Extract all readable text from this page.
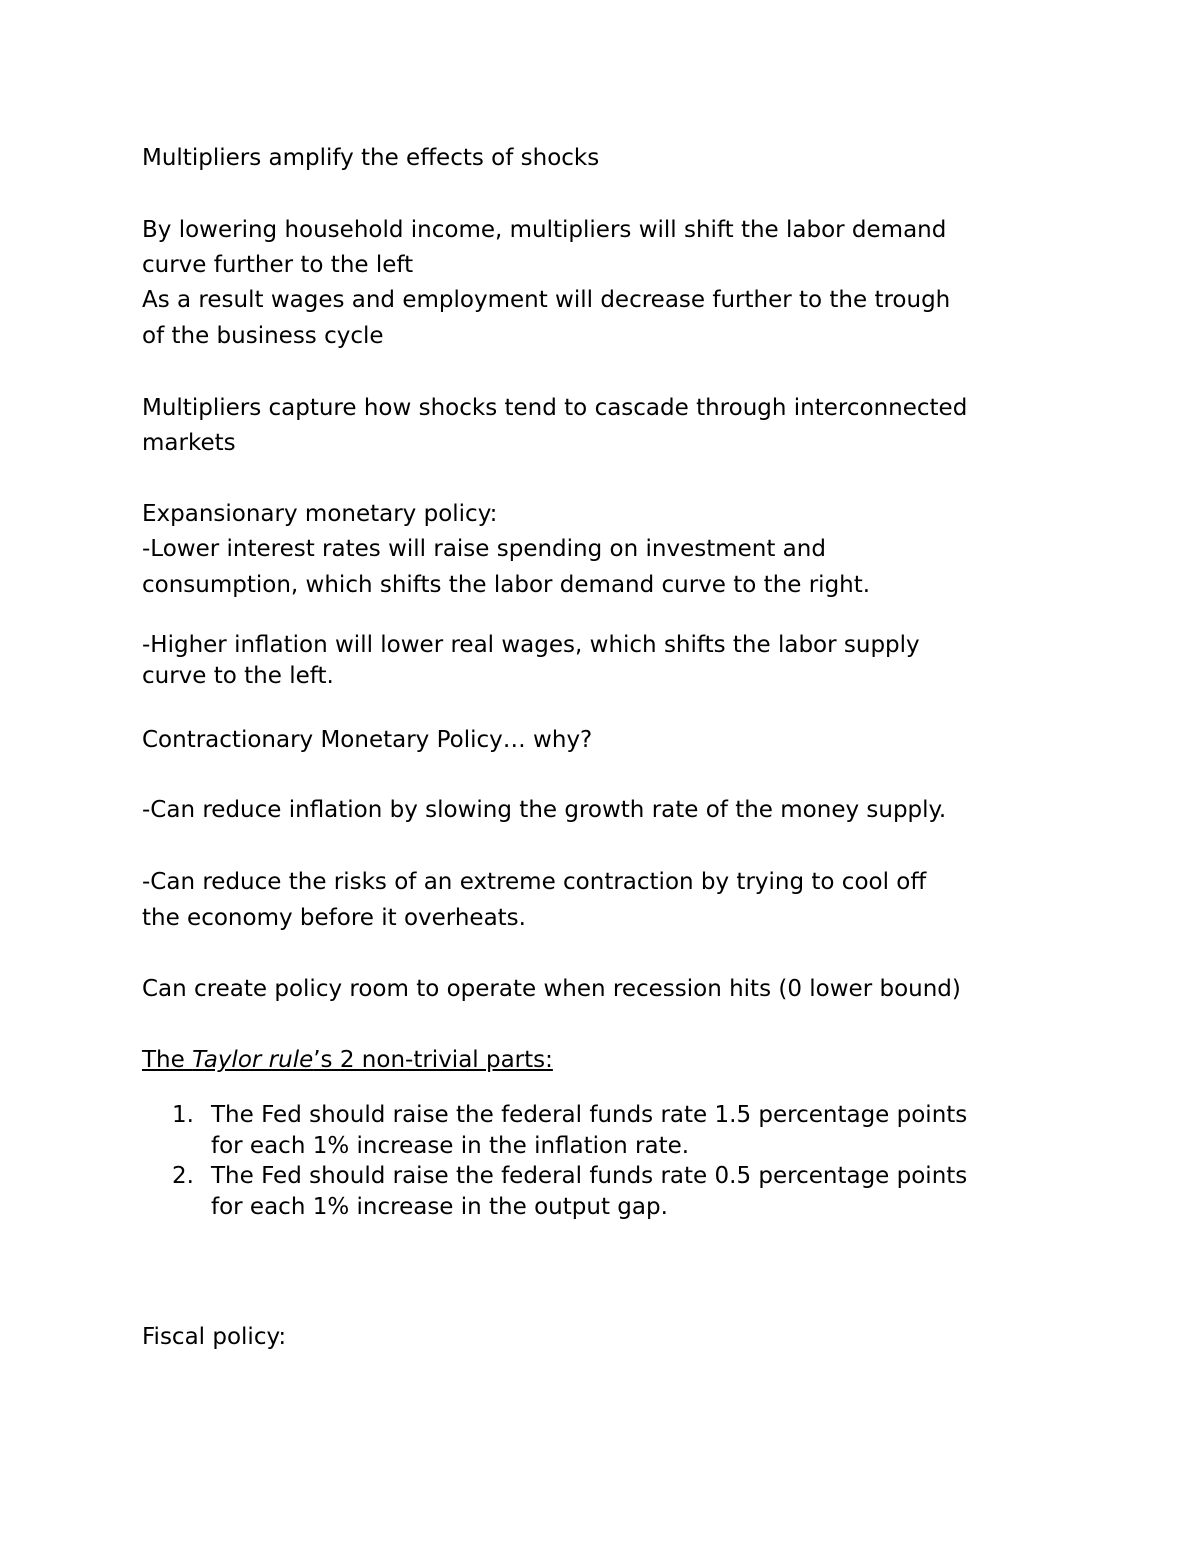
Multipliers amplify the effects of shocks
By lowering household income, multipliers will shift the labor demand
curve further to the left
As a result wages and employment will decrease further to the trough
of the business cycle
Multipliers capture how shocks tend to cascade through interconnected
markets
Expansionary monetary policy:
-Lower interest rates will raise spending on investment and
consumption, which shifts the labor demand curve to the right.
-Higher inflation will lower real wages, which shifts the labor supply
curve to the left.
Contractionary Monetary Policy… why?
-Can reduce inflation by slowing the growth rate of the money supply.
-Can reduce the risks of an extreme contraction by trying to cool off
the economy before it overheats.
Can create policy room to operate when recession hits (0 lower bound)
The Taylor rule’s 2 non-trivial parts:
1. The Fed should raise the federal funds rate 1.5 percentage points
for each 1% increase in the inflation rate.
2. The Fed should raise the federal funds rate 0.5 percentage points
for each 1% increase in the output gap.
Fiscal policy:
